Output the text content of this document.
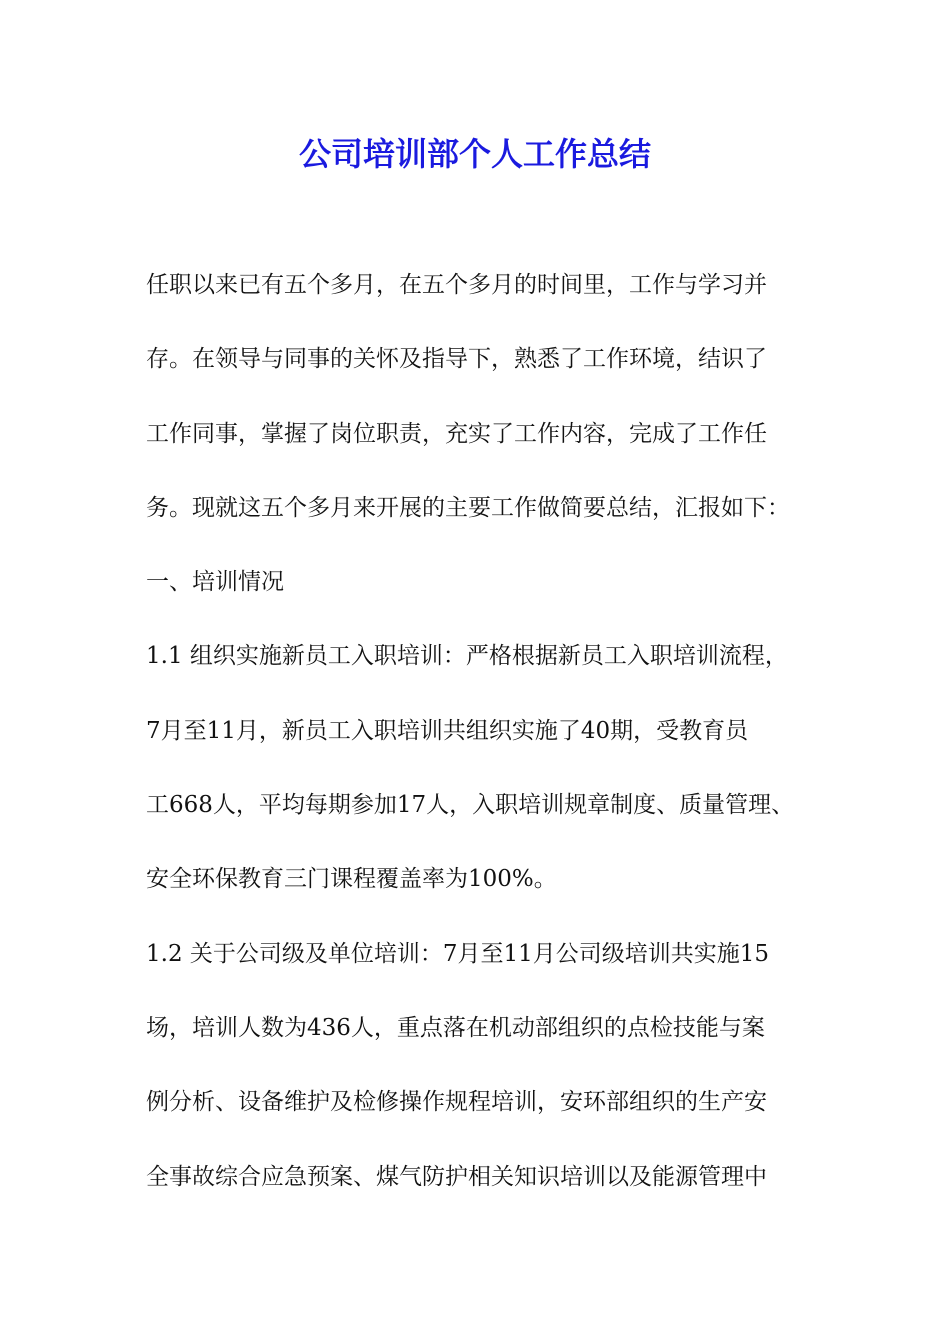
公司培训部个人工作总结

任职以来已有五个多月，在五个多月的时间里，工作与学习并

存。在领导与同事的关怀及指导下，熟悉了工作环境，结识了

工作同事，掌握了岗位职责，充实了工作内容，完成了工作任

务。现就这五个多月来开展的主要工作做简要总结，汇报如下：

一、培训情况

1.1 组织实施新员工入职培训：严格根据新员工入职培训流程，

7月至11月，新员工入职培训共组织实施了40期，受教育员

工668人，平均每期参加17人，入职培训规章制度、质量管理、

安全环保教育三门课程覆盖率为100%。

1.2 关于公司级及单位培训：7月至11月公司级培训共实施15

场，培训人数为436人，重点落在机动部组织的点检技能与案

例分析、设备维护及检修操作规程培训，安环部组织的生产安

全事故综合应急预案、煤气防护相关知识培训以及能源管理中
